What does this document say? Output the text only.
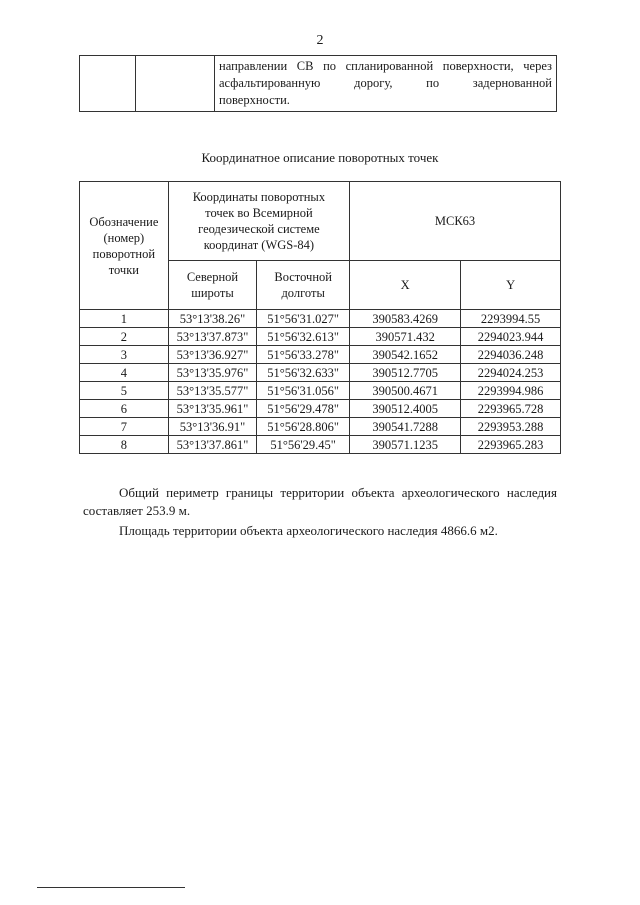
2

направлении СВ по спланированной поверхности, через
асфальтированную дорогу, по задернованной
поверхности.
Координатное описание поворотных точек
Обозначение
(номер)
поворотной
точки	Координаты поворотных
точек во Всемирной
геодезической системе
координат (WGS-84)		МСК63	

	Северной
широты	Восточной
долготы	X	Y
1	53°13'38.26"	51°56'31.027"	390583.4269	2293994.55
2	53°13'37.873"	51°56'32.613"	390571.432	2294023.944
3	53°13'36.927"	51°56'33.278"	390542.1652	2294036.248
4	53°13'35.976"	51°56'32.633"	390512.7705	2294024.253
5	53°13'35.577"	51°56'31.056"	390500.4671	2293994.986
6	53°13'35.961"	51°56'29.478"	390512.4005	2293965.728
7	53°13'36.91"	51°56'28.806"	390541.7288	2293953.288
8	53°13'37.861"	51°56'29.45"	390571.1235	2293965.283

Общий периметр границы территории объекта археологического наследия составляет 253.9 м.

Площадь территории объекта археологического наследия 4866.6 м2.
